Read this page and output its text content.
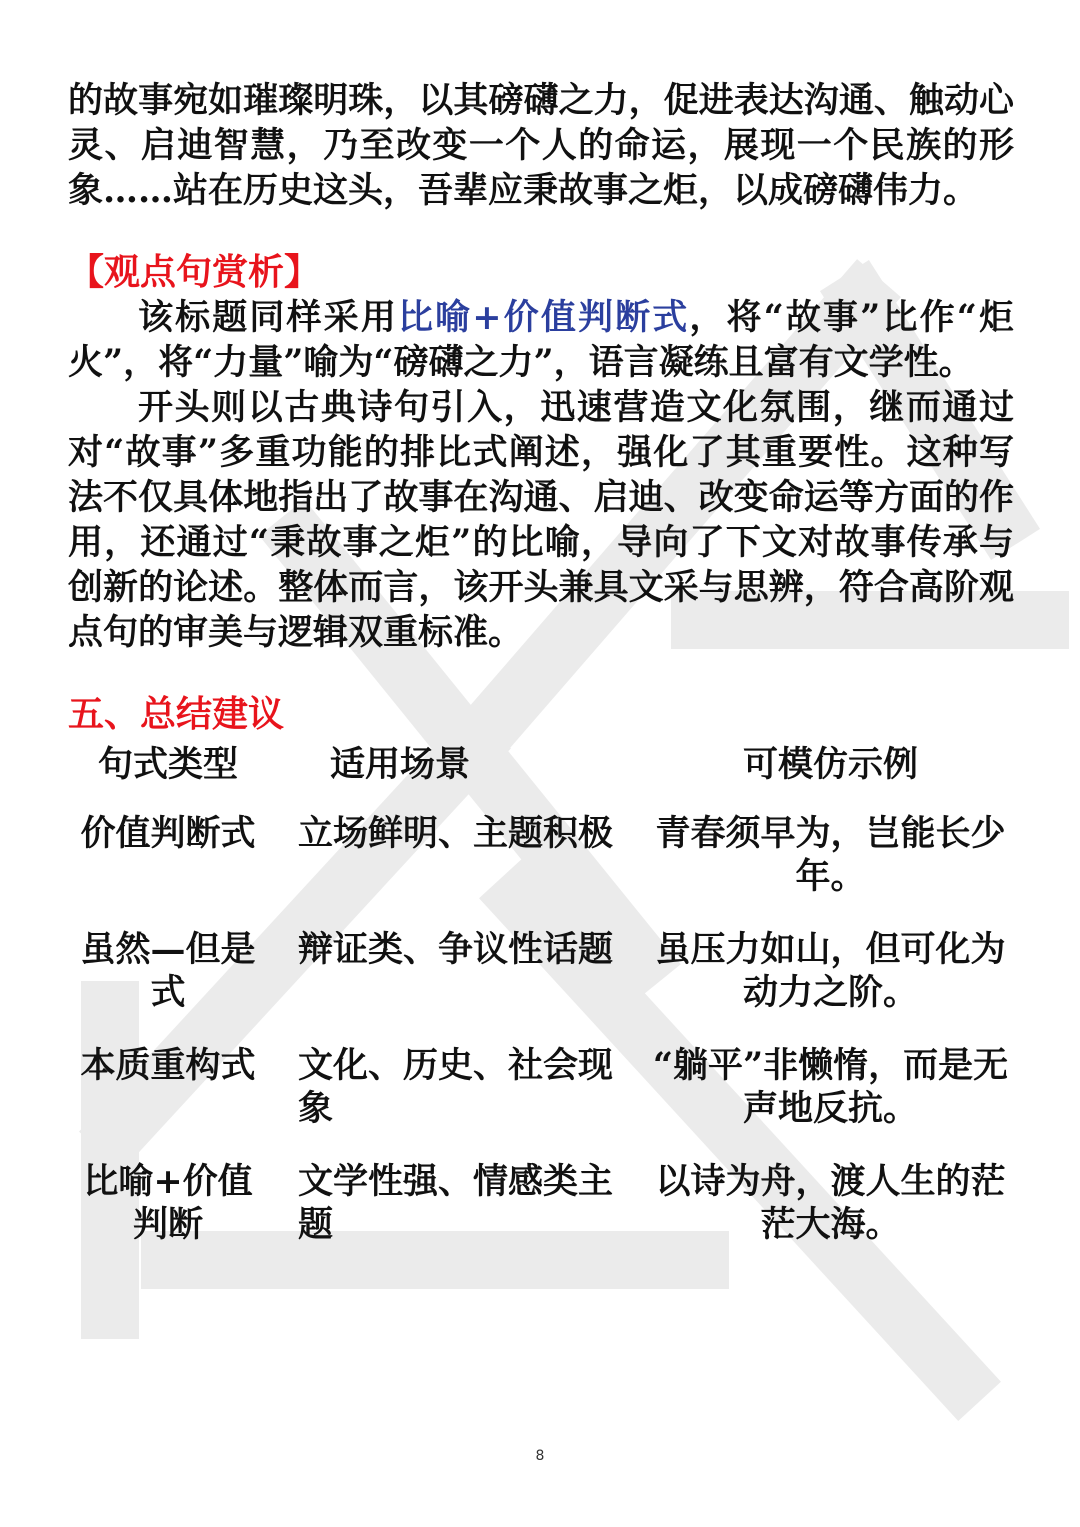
的故事宛如璀璨明珠，以其磅礴之力，促进表达沟通、触动心灵、启迪智慧，乃至改变一个人的命运，展现一个民族的形象……站在历史这头，吾辈应秉故事之炬，以成磅礴伟力。

【观点句赏析】

该标题同样采用比喻+价值判断式，将“故事”比作“炬火”，将“力量”喻为“磅礴之力”，语言凝练且富有文学性。

开头则以古典诗句引入，迅速营造文化氛围，继而通过对“故事”多重功能的排比式阐述，强化了其重要性。这种写法不仅具体地指出了故事在沟通、启迪、改变命运等方面的作用，还通过“秉故事之炬”的比喻，导向了下文对故事传承与创新的论述。整体而言，该开头兼具文采与思辨，符合高阶观点句的审美与逻辑双重标准。

五、总结建议

句式类型	适用场景	可模仿示例
价值判断式	立场鲜明、主题积极	青春须早为，岂能长少年。
虽然—但是式	辩证类、争议性话题	虽压力如山，但可化为动力之阶。
本质重构式	文化、历史、社会现象	“躺平”非懒惰，而是无声地反抗。
比喻+价值判断	文学性强、情感类主题	以诗为舟，渡人生的茫茫大海。
8
